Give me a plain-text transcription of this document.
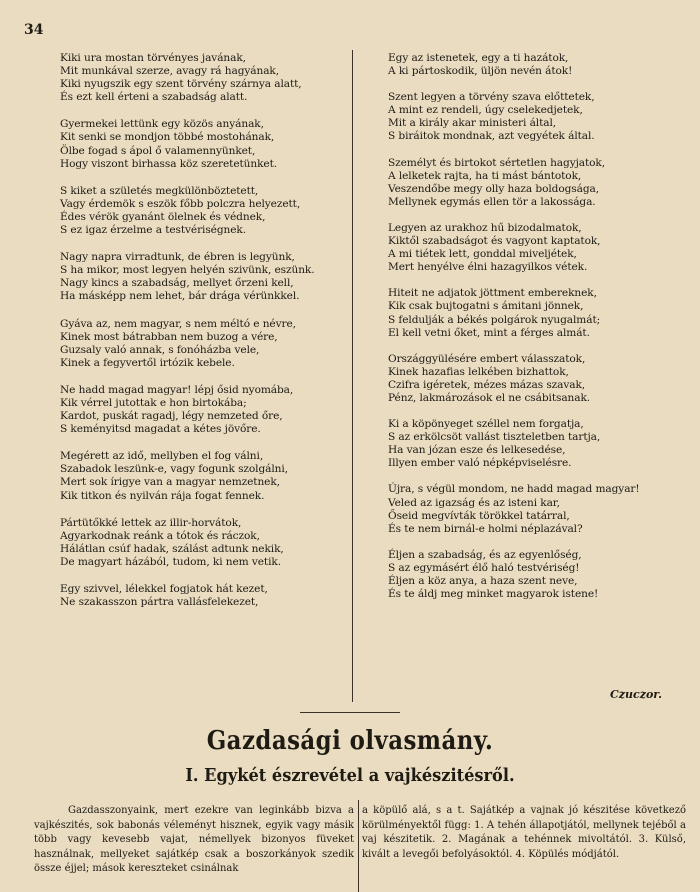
34
Kiki ura mostan törvényes javának,
Mit munkával szerze, avagy rá hagyának,
Kiki nyugszik egy szent törvény szárnya alatt,
És ezt kell érteni a szabadság alatt.
Gyermekei lettünk egy közös anyának,
Kit senki se mondjon többé mostohának,
Ölbe fogad s ápol ő valamennyünket,
Hogy viszont birhassa köz szeretetünket.
S kiket a születés megkülönböztetett,
Vagy érdemök s eszök főbb polczra helyezett,
Édes vérök gyanánt ölelnek és védnek,
S ez igaz érzelme a testvériségnek.
Nagy napra virradtunk, de ébren is legyünk,
S ha mikor, most legyen helyén szivünk, eszünk.
Nagy kincs a szabadság, mellyet őrzeni kell,
Ha másképp nem lehet, bár drága vérünkkel.
Gyáva az, nem magyar, s nem méltó e névre,
Kinek most bátrabban nem buzog a vére,
Guzsaly való annak, s fonóházba vele,
Kinek a fegyvertől irtózik kebele.
Ne hadd magad magyar! lépj ősid nyomába,
Kik vérrel jutottak e hon birtokába;
Kardot, puskát ragadj, légy nemzeted őre,
S keményitsd magadat a kétes jövőre.
Megérett az idő, mellyben el fog válni,
Szabadok leszünk-e, vagy fogunk szolgálni,
Mert sok írigye van a magyar nemzetnek,
Kik titkon és nyilván rája fogat fennek.
Pártütőkké lettek az illir-horvátok,
Agyarkodnak reánk a tótok és ráczok,
Hálátlan csúf hadak, szálást adtunk nekik,
De magyart házából, tudom, ki nem vetik.
Egy szivvel, lélekkel fogjatok hát kezet,
Ne szakasszon pártra vallásfelekezet,
Egy az istenetek, egy a ti hazátok,
A ki pártoskodik, üljön nevén átok!
Szent legyen a törvény szava előttetek,
A mint ez rendeli, úgy cselekedjetek,
Mit a király akar ministeri által,
S biráitok mondnak, azt vegyétek által.
Személyt és birtokot sértetlen hagyjatok,
A lelketek rajta, ha ti mást bántotok,
Veszendőbe megy olly haza boldogsága,
Mellynek egymás ellen tör a lakossága.
Legyen az urakhoz hű bizodalmatok,
Kiktől szabadságot és vagyont kaptatok,
A mi tiétek lett, gonddal miveljétek,
Mert henyélve élni hazagyilkos vétek.
Hiteit ne adjatok jöttment embereknek,
Kik csak bujtogatni s ámitani jönnek,
S feldulják a békés polgárok nyugalmát;
El kell vetni őket, mint a férges almát.
Országgyülésére embert válasszatok,
Kinek hazafias lelkében bizhattok,
Czifra igéretek, mézes mázas szavak,
Pénz, lakmározások el ne csábitsanak.
Ki a köpönyeget széllel nem forgatja,
S az erkölcsöt vallást tiszteletben tartja,
Ha van józan esze és lelkesedése,
Illyen ember való népképviselésre.
Újra, s végül mondom, ne hadd magad magyar!
Veled az igazság és az isteni kar,
Őseid megvívták törökkel tatárral,
És te nem birnál-e holmi néplazával?
Éljen a szabadság, és az egyenlőség,
S az egymásért élő haló testvériség!
Éljen a köz anya, a haza szent neve,
És te áldj meg minket magyarok istene!
Czuczor.
Gazdasági olvasmány.
I. Egykét észrevétel a vajkészitésről.
Gazdasszonyaink, mert ezekre van leginkább bizva a vajkészités, sok babonás véleményt hisznek, egyik vagy másik több vagy kevesebb vajat, némellyek bizonyos füveket használnak, mellyeket sajátkép csak a boszorkányok szedik össze éjjel; mások kereszteket csinálnak
a köpülő alá, s a t. Sajátkép a vajnak jó készitése következő körülményektől függ: 1. A tehén állapotjától, mellynek tejéből a vaj készitetik. 2. Magának a tehénnek mivoltától. 3. Külső, kivált a levegői befolyásoktól. 4. Köpülés módjától.
